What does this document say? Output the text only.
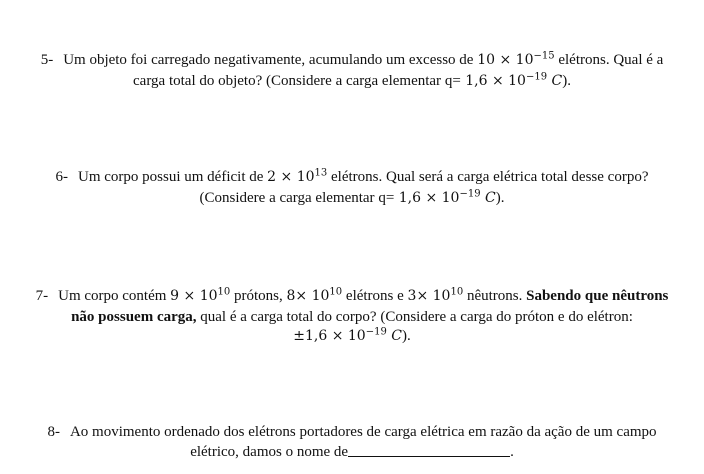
5- Um objeto foi carregado negativamente, acumulando um excesso de $10 \times 10^{-15}$ elétrons. Qual é a
carga total do objeto? (Considere a carga elementar $q= 1,6 \times 10^{-19}$ C).
6- Um corpo possui um déficit de $2 \times 10^{13}$ elétrons. Qual será a carga elétrica total desse corpo?
(Considere a carga elementar $q= 1,6 \times 10^{-19}$ C).
7- Um corpo contém $9 \times 10^{10}$ prótons, $8\times 10^{10}$ elétrons e $3\times 10^{10}$ nêutrons. Sabendo que nêutrons
não possuem carga, qual é a carga total do corpo? (Considere a carga do próton e do elétron:
$\pm 1,6 \times 10^{-19}$ C).
8- Ao movimento ordenado dos elétrons portadores de carga elétrica em razão da ação de um campo
elétrico, damos o nome de	.
